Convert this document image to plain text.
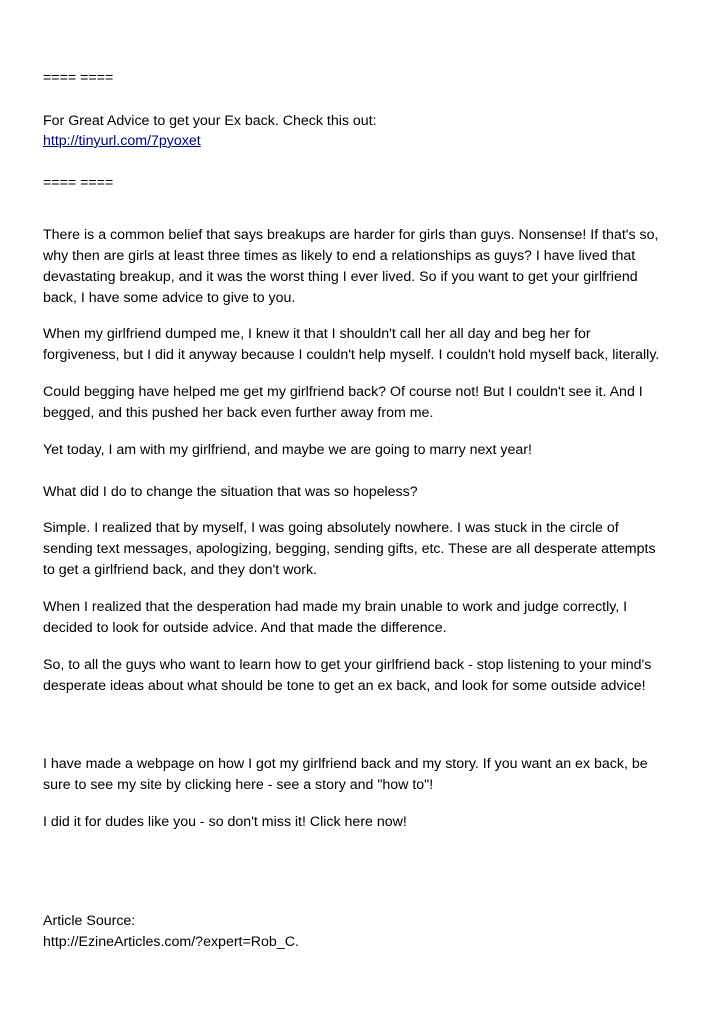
==== ====
For Great Advice to get your Ex back. Check this out:
http://tinyurl.com/7pyoxet
==== ====
There is a common belief that says breakups are harder for girls than guys. Nonsense! If that's so,
why then are girls at least three times as likely to end a relationships as guys? I have lived that
devastating breakup, and it was the worst thing I ever lived. So if you want to get your girlfriend
back, I have some advice to give to you.
When my girlfriend dumped me, I knew it that I shouldn't call her all day and beg her for
forgiveness, but I did it anyway because I couldn't help myself. I couldn't hold myself back, literally.
Could begging have helped me get my girlfriend back? Of course not! But I couldn't see it. And I
begged, and this pushed her back even further away from me.
Yet today, I am with my girlfriend, and maybe we are going to marry next year!
What did I do to change the situation that was so hopeless?
Simple. I realized that by myself, I was going absolutely nowhere. I was stuck in the circle of
sending text messages, apologizing, begging, sending gifts, etc. These are all desperate attempts
to get a girlfriend back, and they don't work.
When I realized that the desperation had made my brain unable to work and judge correctly, I
decided to look for outside advice. And that made the difference.
So, to all the guys who want to learn how to get your girlfriend back - stop listening to your mind's
desperate ideas about what should be tone to get an ex back, and look for some outside advice!
I have made a webpage on how I got my girlfriend back and my story. If you want an ex back, be
sure to see my site by clicking here - see a story and "how to"!
I did it for dudes like you - so don't miss it! Click here now!
Article Source:
http://EzineArticles.com/?expert=Rob_C.
